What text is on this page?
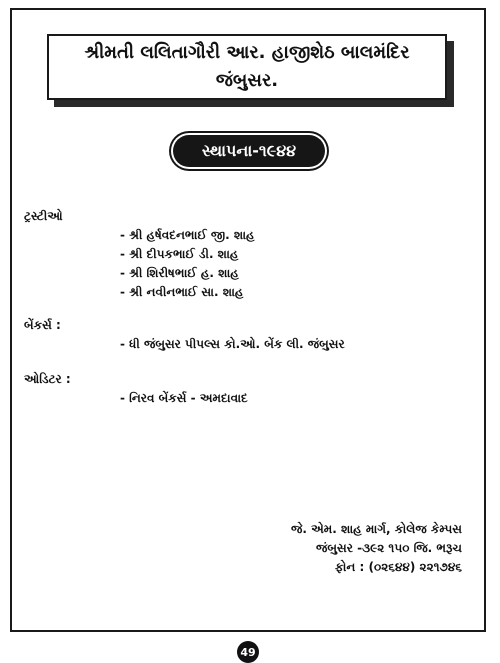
શ્રીમતી લલિતાગૌરી આર. હાજીશેઠ બાલમંદિર
જંબુસર.
સ્થાપના-૧૯૪૪
ટ્રસ્ટીઓ
- શ્રી હર્ષવદનભાઈ જી. શાહ
- શ્રી દીપકભાઈ ડી. શાહ
- શ્રી શિરીષભાઈ હ. શાહ
- શ્રી નવીનભાઈ સા. શાહ
બેંકર્સ :
- ધી જંબુસર પીપલ્સ કો.ઓ. બેંક લી. જંબુસર
ઓડિટર :
- નિરવ બેંકર્સ - અમદાવાદ
જે. એમ. શાહ માર્ગ, કોલેજ કેમ્પસ
જંબુસર -૩૯૨ ૧૫૦ જિ. ભરૂચ
ફોન : (૦૨૬૪૪) ૨૨૧૭૪૬
49
